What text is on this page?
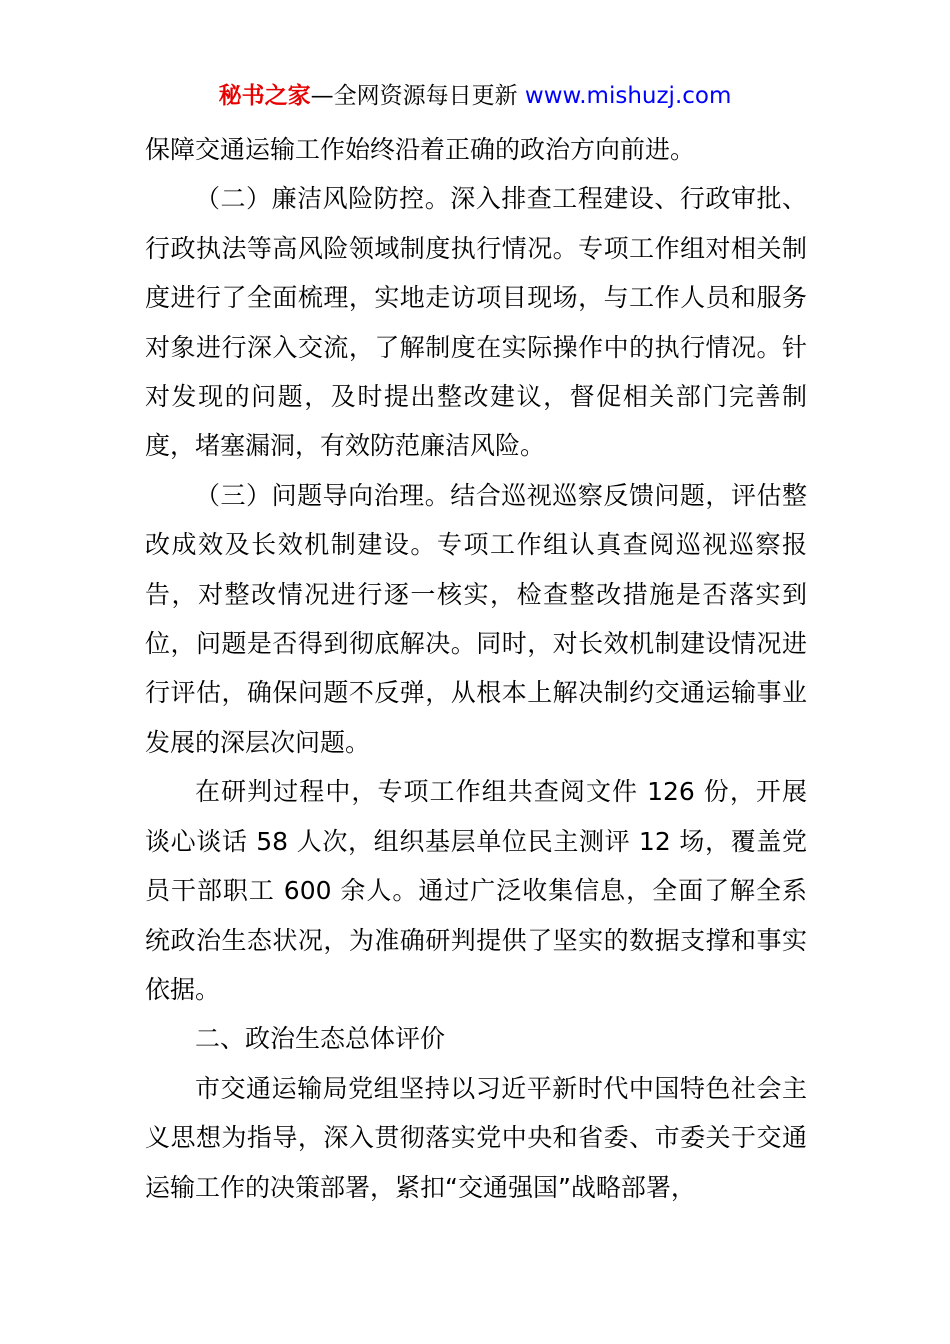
秘书之家—全网资源每日更新 www.mishuzj.com

保障交通运输工作始终沿着正确的政治方向前进。

（二）廉洁风险防控。深入排查工程建设、行政审批、行政执法等高风险领域制度执行情况。专项工作组对相关制度进行了全面梳理，实地走访项目现场，与工作人员和服务对象进行深入交流，了解制度在实际操作中的执行情况。针对发现的问题，及时提出整改建议，督促相关部门完善制度，堵塞漏洞，有效防范廉洁风险。

（三）问题导向治理。结合巡视巡察反馈问题，评估整改成效及长效机制建设。专项工作组认真查阅巡视巡察报告，对整改情况进行逐一核实，检查整改措施是否落实到位，问题是否得到彻底解决。同时，对长效机制建设情况进行评估，确保问题不反弹，从根本上解决制约交通运输事业发展的深层次问题。

在研判过程中，专项工作组共查阅文件 126 份，开展谈心谈话 58 人次，组织基层单位民主测评 12 场，覆盖党员干部职工 600 余人。通过广泛收集信息，全面了解全系统政治生态状况，为准确研判提供了坚实的数据支撑和事实依据。

二、政治生态总体评价

市交通运输局党组坚持以习近平新时代中国特色社会主义思想为指导，深入贯彻落实党中央和省委、市委关于交通运输工作的决策部署，紧扣“交通强国”战略部署，
